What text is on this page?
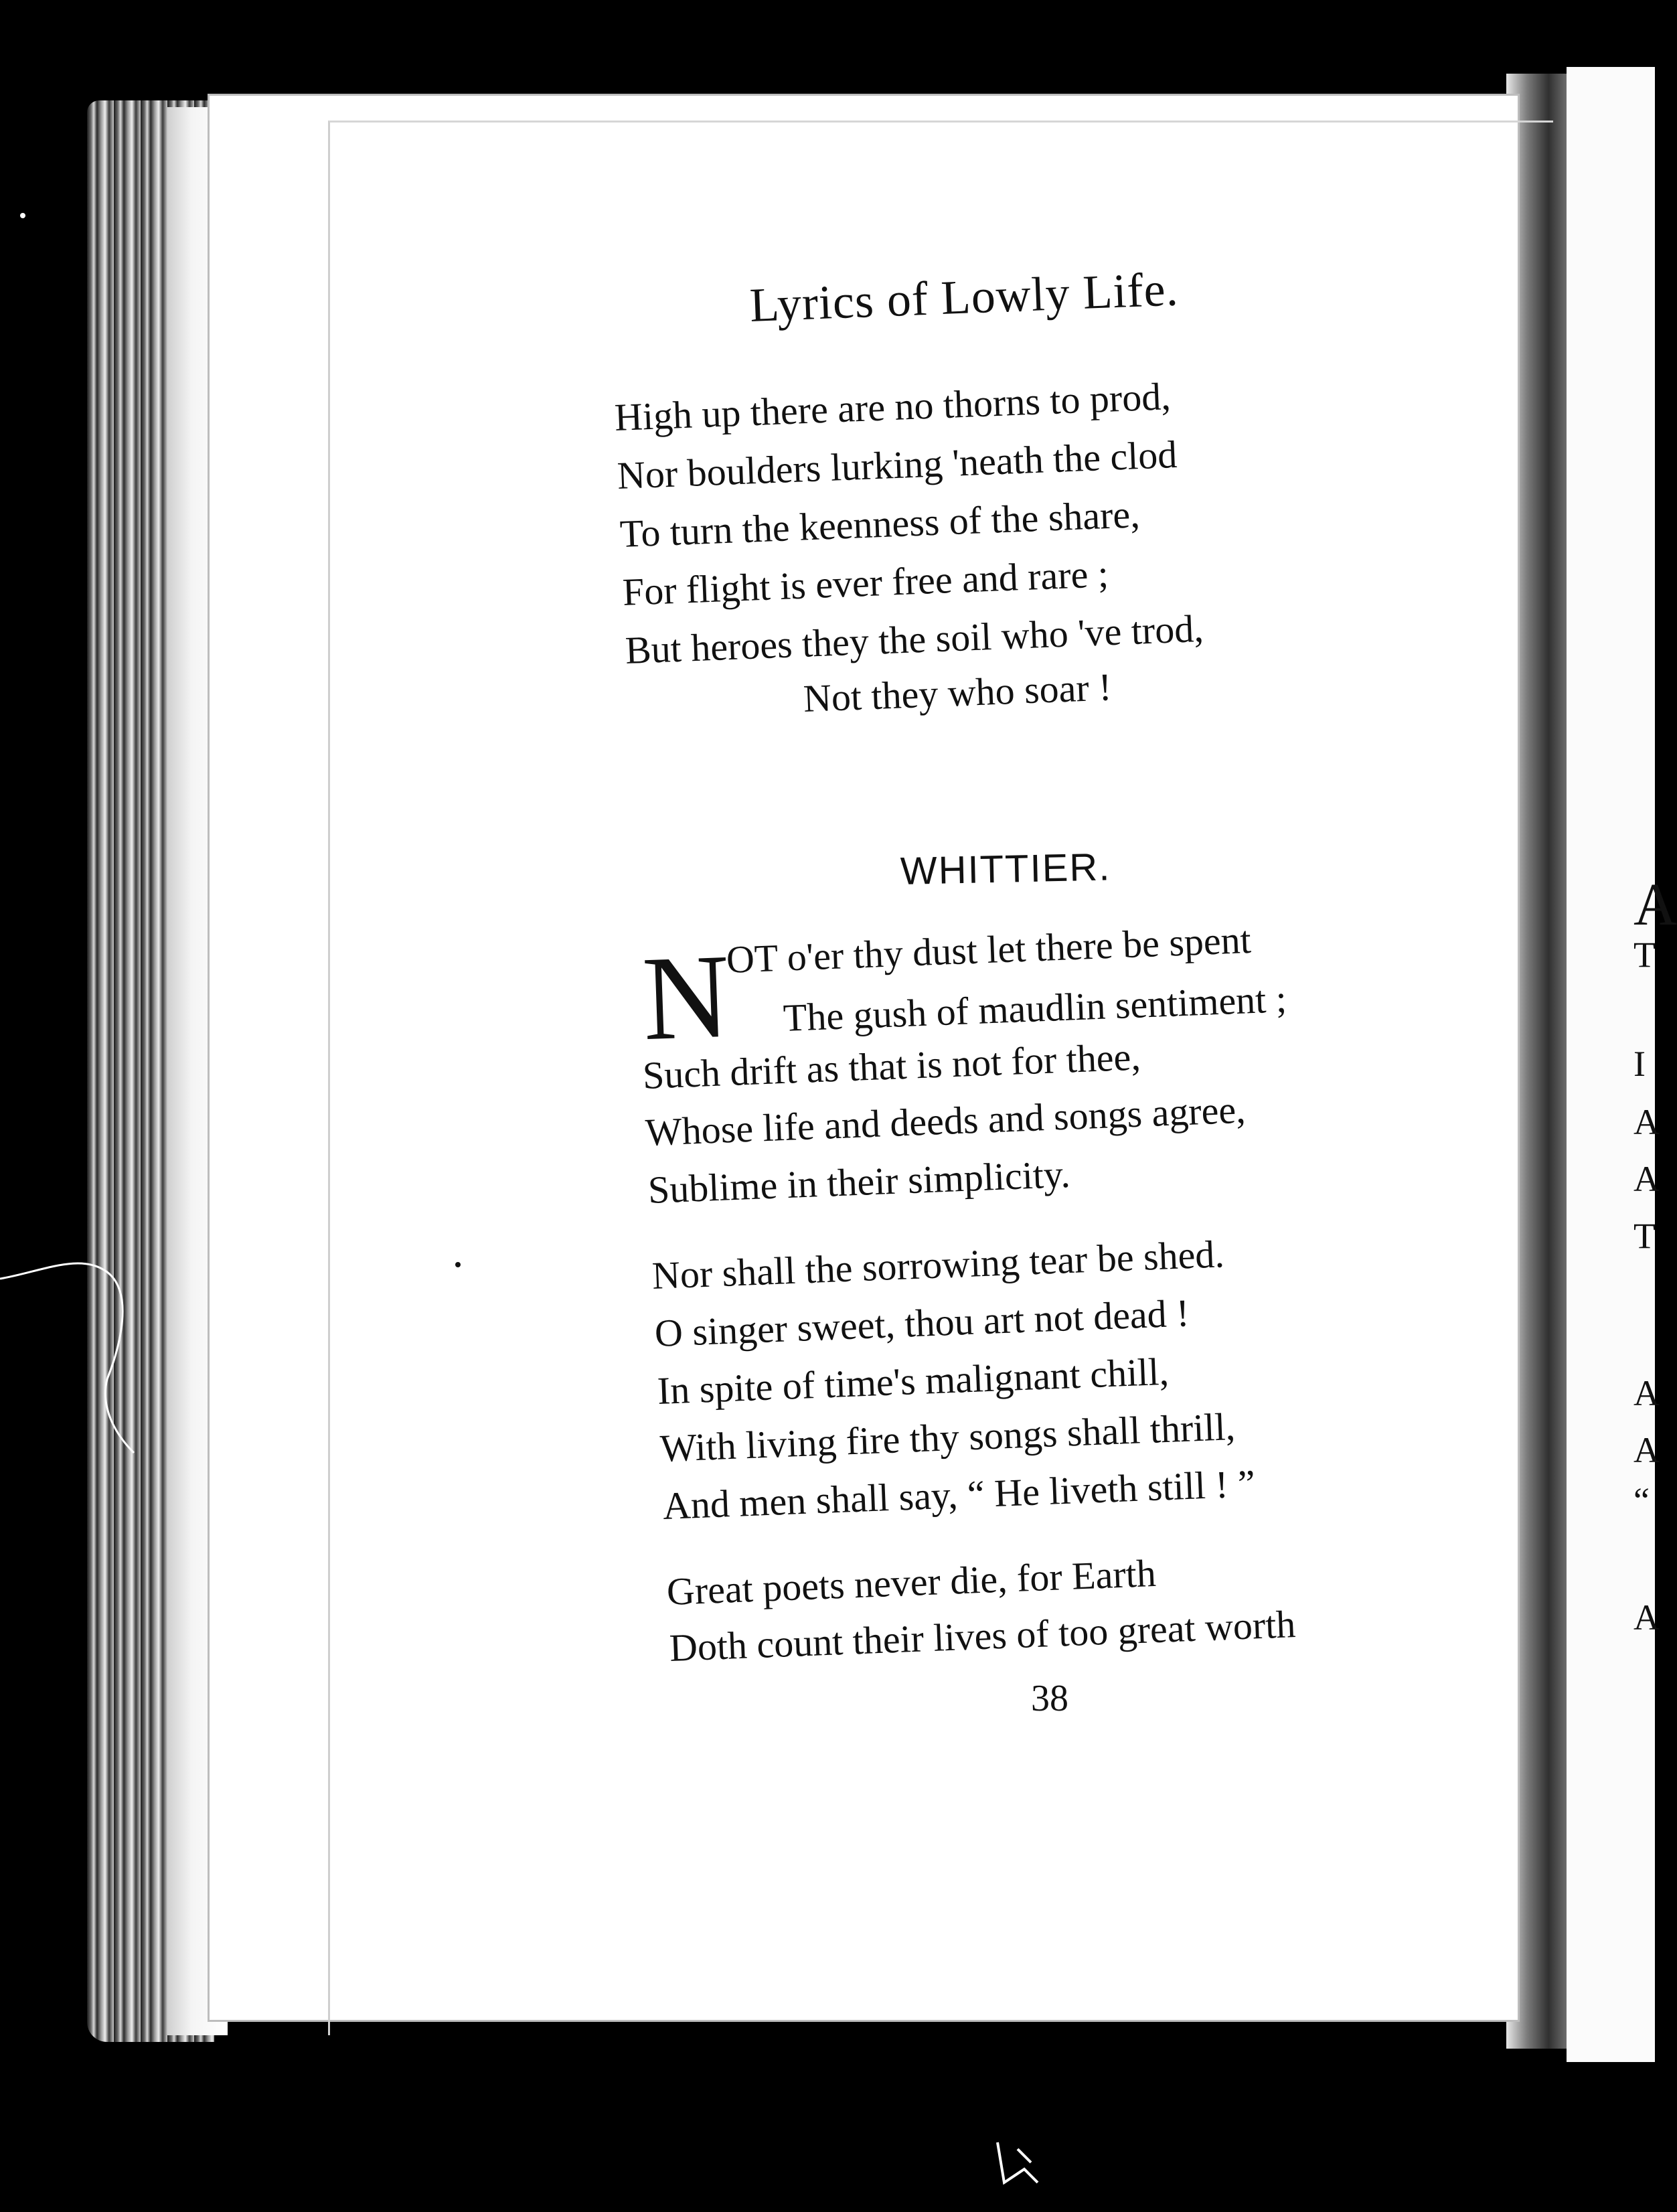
Lyrics of Lowly Life.
High up there are no thorns to prod,
Nor boulders lurking 'neath the clod
To turn the keenness of the share,
For flight is ever free and rare ;
But heroes they the soil who 've trod,
Not they who soar !
WHITTIER.
N
OT o'er thy dust let there be spent
The gush of maudlin sentiment ;
Such drift as that is not for thee,
Whose life and deeds and songs agree,
Sublime in their simplicity.
Nor shall the sorrowing tear be shed.
O singer sweet, thou art not dead !
In spite of time's malignant chill,
With living fire thy songs shall thrill,
And men shall say, “ He liveth still ! ”
Great poets never die, for Earth
Doth count their lives of too great worth
38
A
T
I
A
A
T
A
A
“
A
